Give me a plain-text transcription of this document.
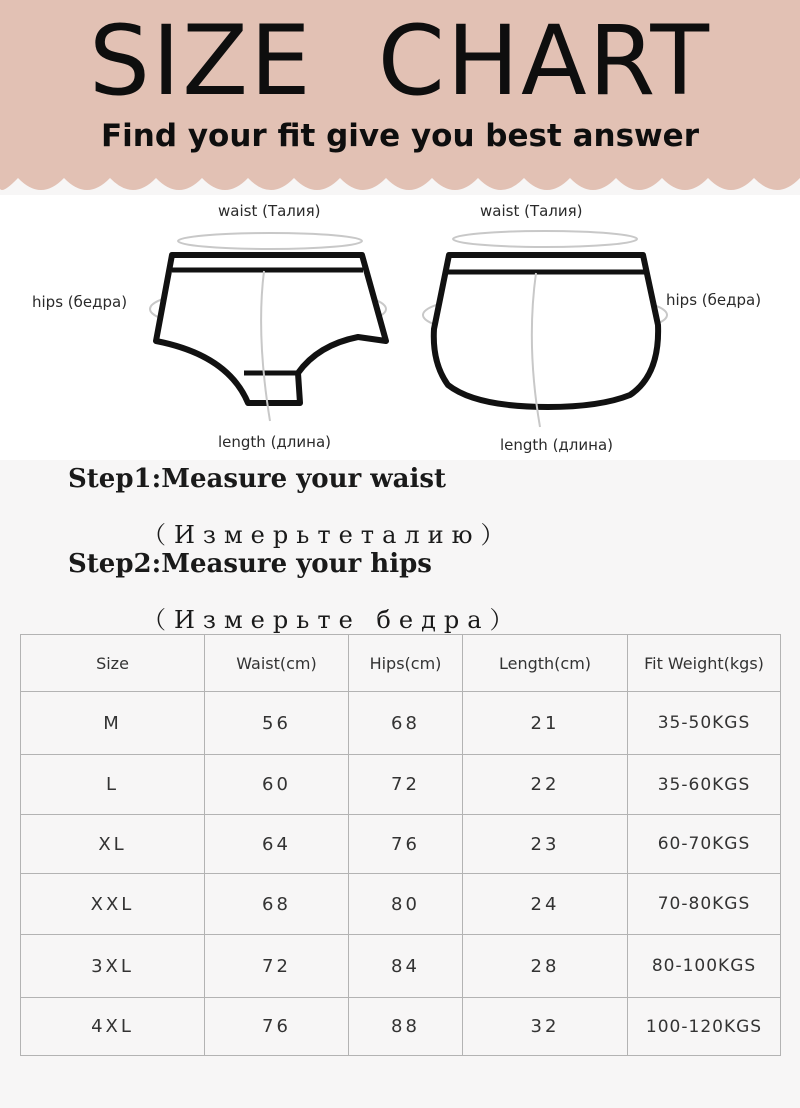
SIZE  CHART
Find your fit give you best answer
waist (Талия)
hips (бедра)
length (длина)
waist (Талия)
hips (бедра)
length (длина)
Step1:Measure your waist
（Измерьтеталию）
Step2:Measure your hips
（Измерьте бедра）
Size	Waist(cm)	Hips(cm)	Length(cm)	Fit Weight(kgs)
M	56	68	21	35-50KGS
L	60	72	22	35-60KGS
XL	64	76	23	60-70KGS
XXL	68	80	24	70-80KGS
3XL	72	84	28	80-100KGS
4XL	76	88	32	100-120KGS
